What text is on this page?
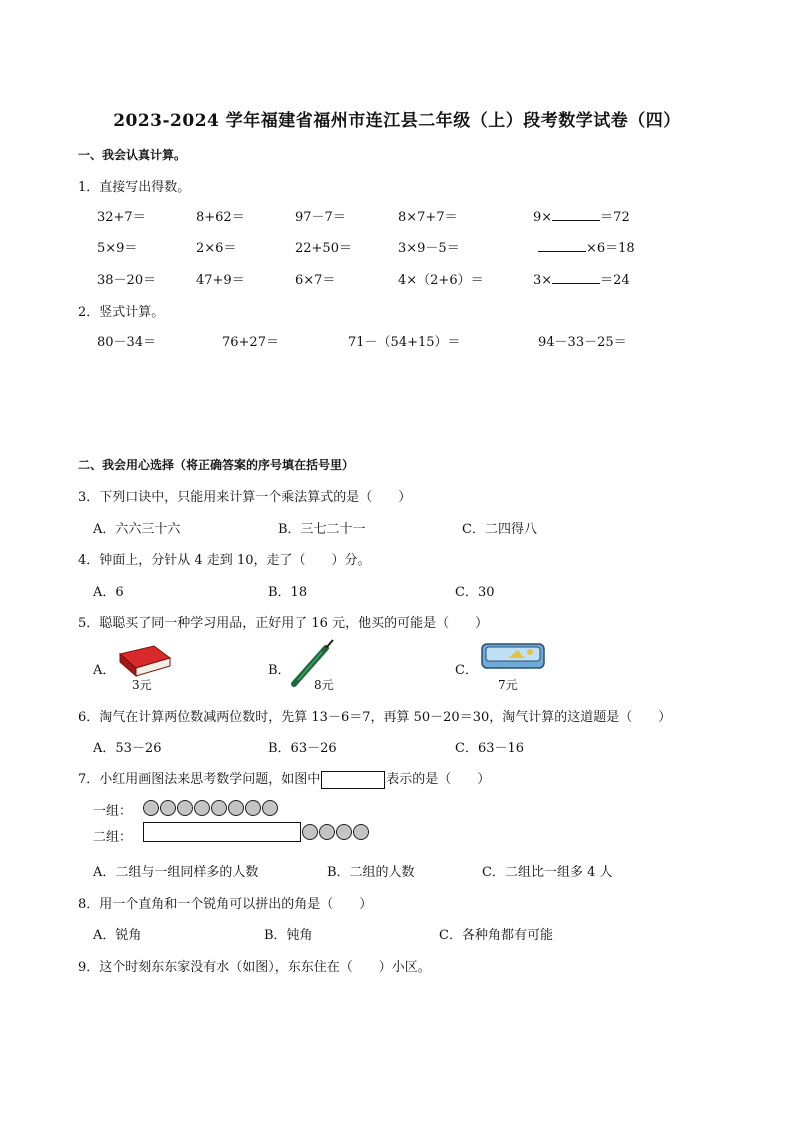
2023-2024 学年福建省福州市连江县二年级（上）段考数学试卷（四）
一、我会认真计算。
1．直接写出得数。
32+7＝	8+62＝	97－7＝	8×7+7＝	9×	＝72
5×9＝	2×6＝	22+50＝	3×9－5＝	×6＝18
38－20＝	47+9＝	6×7＝	4×（2+6）＝	3×	＝24
2．竖式计算。
80－34＝	76+27＝	71－（54+15）＝	94－33－25＝
二、我会用心选择（将正确答案的序号填在括号里）
3．下列口诀中，只能用来计算一个乘法算式的是（　　）
A．六六三十六	B．三七二十一	C．二四得八
4．钟面上，分针从 4 走到 10，走了（　　）分。
A．6	B．18	C．30
5．聪聪买了同一种学习用品，正好用了 16 元，他买的可能是（　　）
A．
3元
B．
8元
C．
7元
6．淘气在计算两位数减两位数时，先算 13－6＝7，再算 50－20＝30，淘气计算的这道题是（　　）
A．53－26	B．63－26	C．63－16
7．小红用画图法来思考数学问题，如图中	表示的是（　　）
一组：
二组：
A．二组与一组同样多的人数	B．二组的人数	C．二组比一组多 4 人
8．用一个直角和一个锐角可以拼出的角是（　　）
A．锐角	B．钝角	C．各种角都有可能
9．这个时刻东东家没有水（如图），东东住在（　　）小区。
